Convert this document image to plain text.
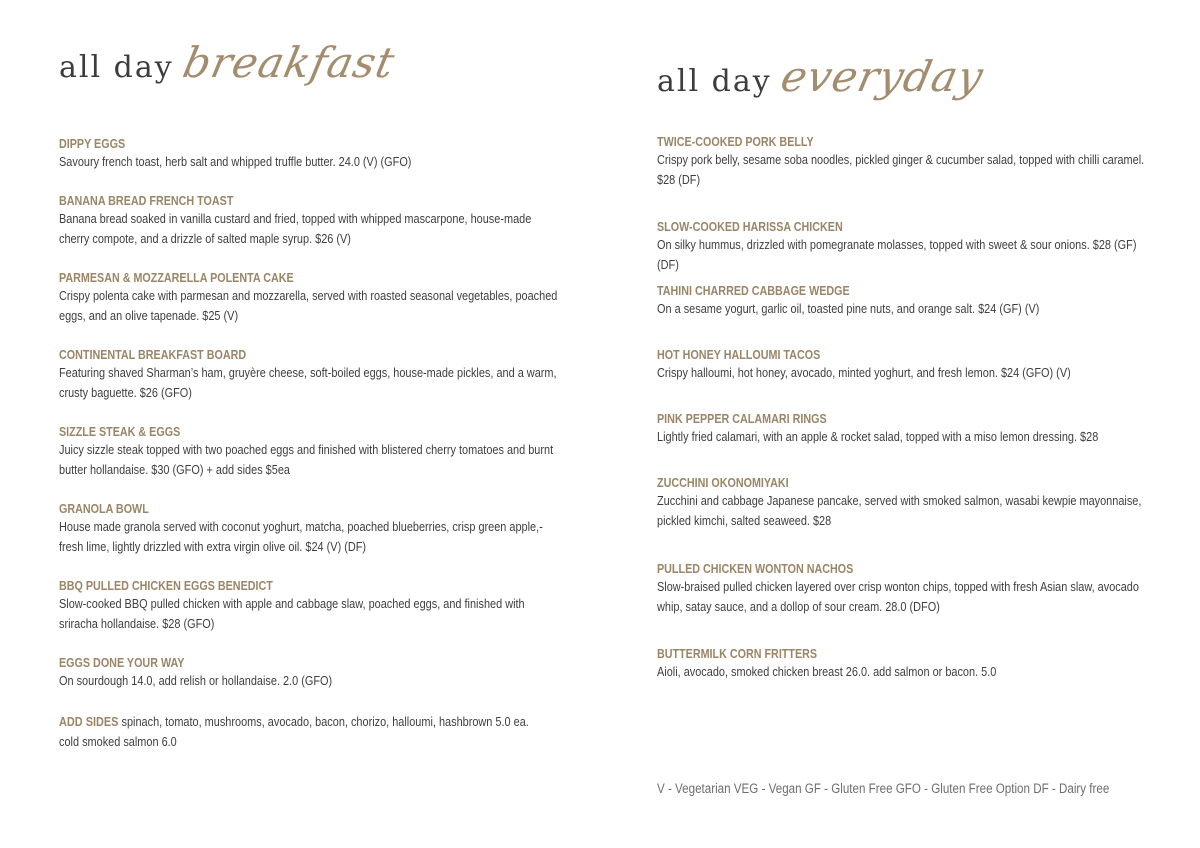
all day breakfast
DIPPY EGGS
Savoury french toast, herb salt and whipped truffle butter. 24.0 (V) (GFO)
BANANA BREAD FRENCH TOAST
Banana bread soaked in vanilla custard and fried, topped with whipped mascarpone, house-made cherry compote, and a drizzle of salted maple syrup. $26 (V)
PARMESAN & MOZZARELLA POLENTA CAKE
Crispy polenta cake with parmesan and mozzarella, served with roasted seasonal vegetables, poached eggs, and an olive tapenade. $25 (V)
CONTINENTAL BREAKFAST BOARD
Featuring shaved Sharman’s ham, gruyère cheese, soft-boiled eggs, house-made pickles, and a warm, crusty baguette. $26 (GFO)
SIZZLE STEAK & EGGS
Juicy sizzle steak topped with two poached eggs and finished with blistered cherry tomatoes and burnt butter hollandaise. $30 (GFO) + add sides $5ea
GRANOLA BOWL
House made granola served with coconut yoghurt, matcha, poached blueberries, crisp green apple,- fresh lime, lightly drizzled with extra virgin olive oil. $24 (V) (DF)
BBQ PULLED CHICKEN EGGS BENEDICT
Slow-cooked BBQ pulled chicken with apple and cabbage slaw, poached eggs, and finished with sriracha hollandaise. $28 (GFO)
EGGS DONE YOUR WAY
On sourdough 14.0, add relish or hollandaise. 2.0 (GFO)
ADD SIDES spinach, tomato, mushrooms, avocado, bacon, chorizo, halloumi, hashbrown 5.0 ea.
cold smoked salmon 6.0
all day everyday
TWICE-COOKED PORK BELLY
Crispy pork belly, sesame soba noodles, pickled ginger & cucumber salad, topped with chilli caramel. $28 (DF)
SLOW-COOKED HARISSA CHICKEN
On silky hummus, drizzled with pomegranate molasses, topped with sweet & sour onions. $28 (GF) (DF)
TAHINI CHARRED CABBAGE WEDGE
On a sesame yogurt, garlic oil, toasted pine nuts, and orange salt. $24 (GF) (V)
HOT HONEY HALLOUMI TACOS
Crispy halloumi, hot honey, avocado, minted yoghurt, and fresh lemon. $24 (GFO) (V)
PINK PEPPER CALAMARI RINGS
Lightly fried calamari, with an apple & rocket salad, topped with a miso lemon dressing. $28
ZUCCHINI OKONOMIYAKI
Zucchini and cabbage Japanese pancake, served with smoked salmon, wasabi kewpie mayonnaise, pickled kimchi, salted seaweed. $28
PULLED CHICKEN WONTON NACHOS
Slow-braised pulled chicken layered over crisp wonton chips, topped with fresh Asian slaw, avocado whip, satay sauce, and a dollop of sour cream. 28.0 (DFO)
BUTTERMILK CORN FRITTERS
Aioli, avocado, smoked chicken breast 26.0. add salmon or bacon. 5.0
V - Vegetarian VEG - Vegan GF - Gluten Free GFO - Gluten Free Option DF - Dairy free
